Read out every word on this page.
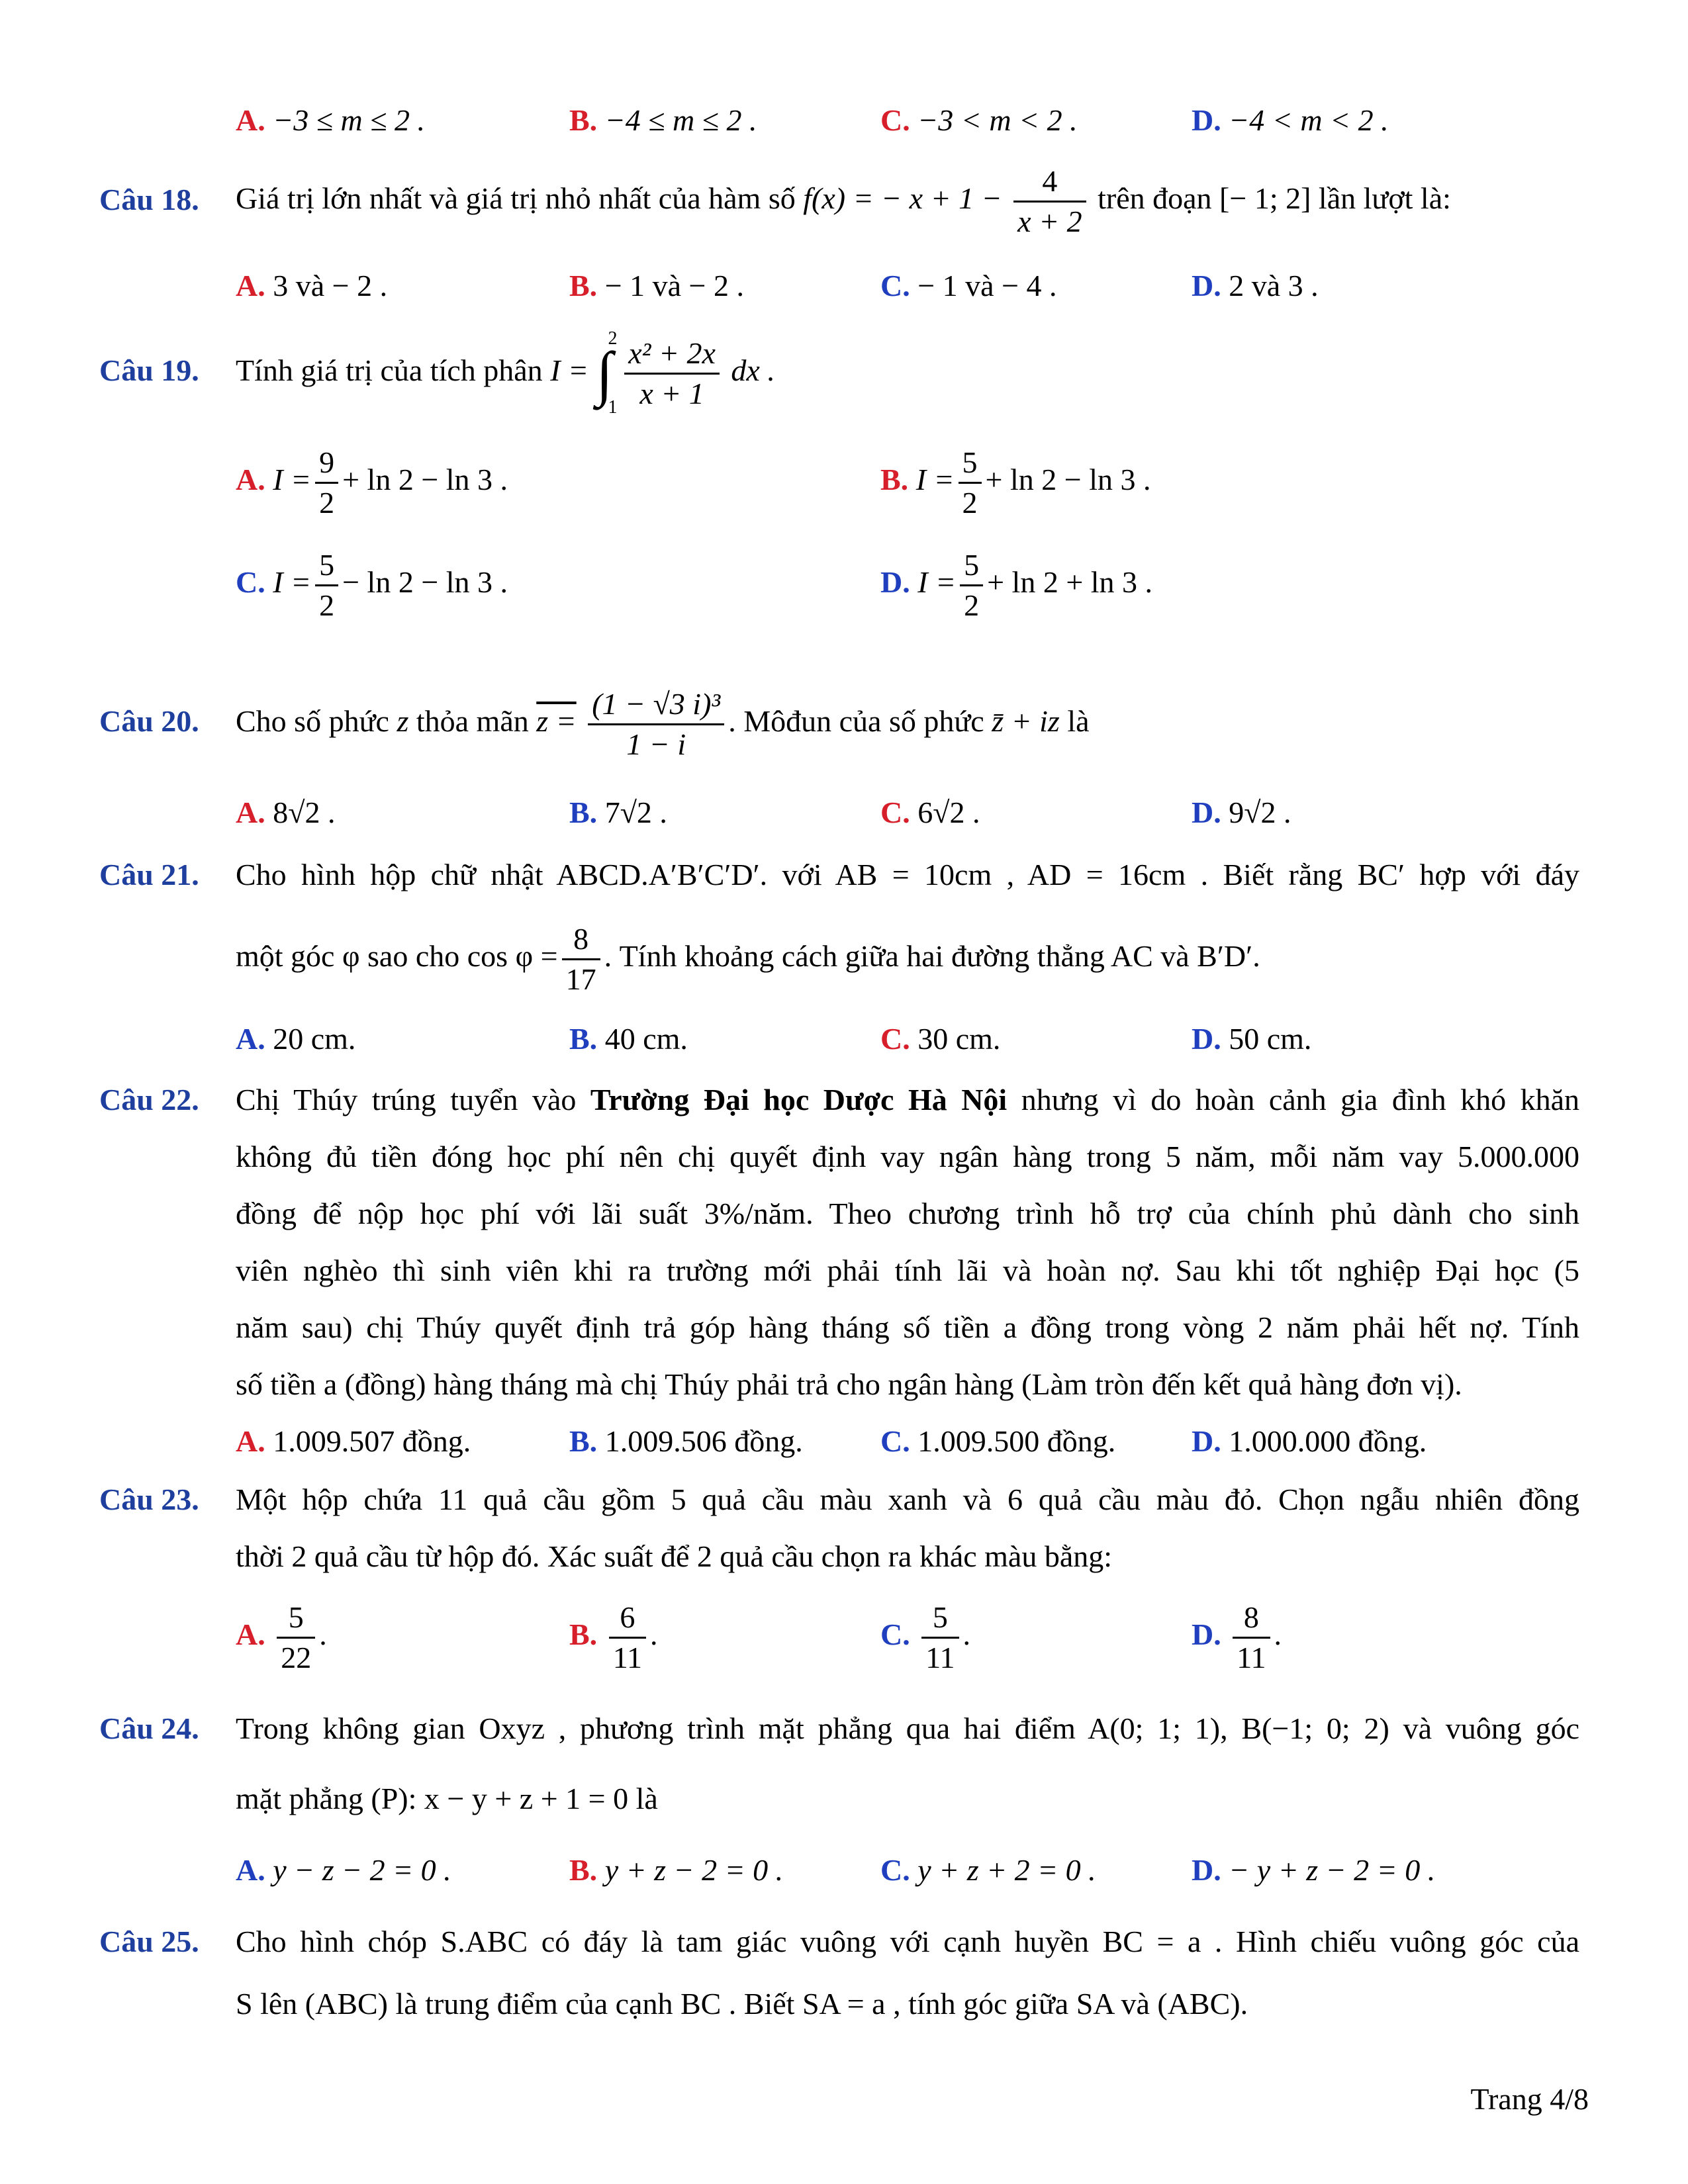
A. −3 ≤ m ≤ 2 .	B. −4 ≤ m ≤ 2 .	C. −3 < m < 2 .	D. −4 < m < 2 .
Câu 18. Giá trị lớn nhất và giá trị nhỏ nhất của hàm số f(x) = − $x + 1 - \frac{4}{x + 2}$ trên đoạn [− 1; 2] lần lượt là:
A. 3 và − 2 .	B. − 1 và − 2 .	C. − 1 và − 4 .	D. 2 và 3 .
Câu 19. Tính giá trị của tích phân I = ∫
2
1
$\frac{\text{x² + 2x}}{x + 1}$ dx .
A. $I = \frac{9}{2} + \ln 2 - \ln 3$ .	B. $I = \frac{5}{2} + \ln 2 - \ln 3$ .
C. $I = \frac{5}{2} - \ln 2 - \ln 3$ .	D. $I = \frac{5}{2} + \ln 2 + \ln 3$ .
Câu 20. Cho số phức z thỏa mãn $z = \frac{\text{(1 − √3 i)³}}{1 - i}$ . Môđun của số phức z̄ + iz là
A. 8√2 .	B. 7√2 .	C. 6√2 .	D. 9√2 .
Câu 21. Cho hình hộp chữ nhật ABCD.A′B′C′D′. với AB = 10cm , AD = 16cm . Biết rằng BC′ hợp với đáy
một góc φ sao cho $\cos \varphi = \frac{8}{17}$ . Tính khoảng cách giữa hai đường thẳng AC và B′D′.
A. 20 cm.	B. 40 cm.	C. 30 cm.	D. 50 cm.
Câu 22. Chị Thúy trúng tuyển vào Trường Đại học Dược Hà Nội nhưng vì do hoàn cảnh gia đình khó khăn
không đủ tiền đóng học phí nên chị quyết định vay ngân hàng trong 5 năm, mỗi năm vay 5.000.000
đồng để nộp học phí với lãi suất 3%/năm. Theo chương trình hỗ trợ của chính phủ dành cho sinh
viên nghèo thì sinh viên khi ra trường mới phải tính lãi và hoàn nợ. Sau khi tốt nghiệp Đại học (5
năm sau) chị Thúy quyết định trả góp hàng tháng số tiền a đồng trong vòng 2 năm phải hết nợ. Tính
số tiền a (đồng) hàng tháng mà chị Thúy phải trả cho ngân hàng (Làm tròn đến kết quả hàng đơn vị).
A. 1.009.507 đồng.	B. 1.009.506 đồng.	C. 1.009.500 đồng. D. 1.000.000 đồng.
Câu 23. Một hộp chứa 11 quả cầu gồm 5 quả cầu màu xanh và 6 quả cầu màu đỏ. Chọn ngẫu nhiên đồng
thời 2 quả cầu từ hộp đó. Xác suất để 2 quả cầu chọn ra khác màu bằng:
A. $\frac{5}{22}$ .	B. $\frac{6}{11}$ .	C. $\frac{5}{11}$ .	D. $\frac{8}{11}$ .
Câu 24. Trong không gian Oxyz , phương trình mặt phẳng qua hai điểm A(0; 1; 1), B(−1; 0; 2) và vuông góc
mặt phẳng (P): x − y + z + 1 = 0 là
A. y − z − 2 = 0 .	B. y + z − 2 = 0 .	C. y + z + 2 = 0 .	D. − y + z − 2 = 0 .
Câu 25. Cho hình chóp S.ABC có đáy là tam giác vuông với cạnh huyền BC = a . Hình chiếu vuông góc của
S lên (ABC) là trung điểm của cạnh BC . Biết SA = a , tính góc giữa SA và (ABC).
Trang 4/8
